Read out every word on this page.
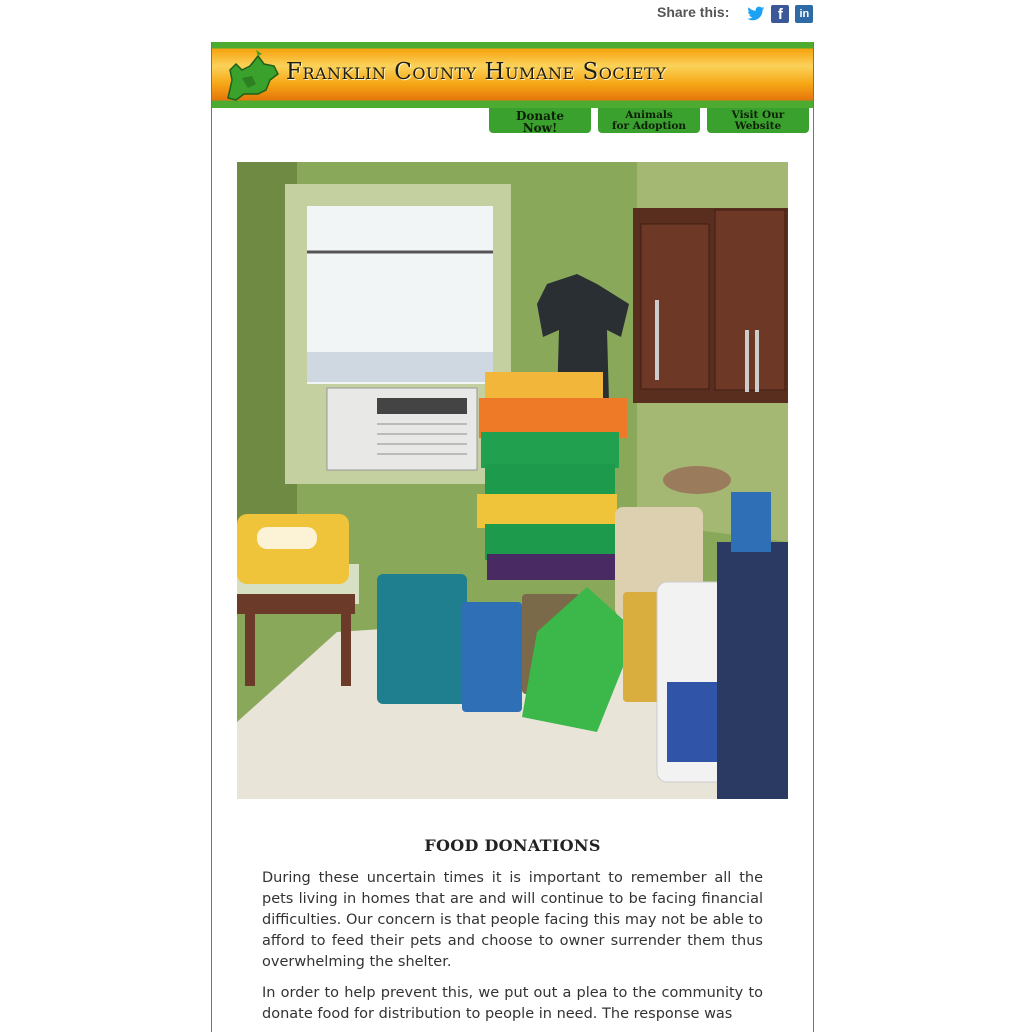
Share this:	f	in
Franklin County Humane Society
Donate
Now!
Animals
for Adoption
Visit Our
Website
FOOD DONATIONS

During these uncertain times it is important to remember all the pets living in homes that are and will continue to be facing financial difficulties. Our concern is that people facing this may not be able to afford to feed their pets and choose to owner surrender them thus overwhelming the shelter.

In order to help prevent this, we put out a plea to the community to donate food for distribution to people in need. The response was
